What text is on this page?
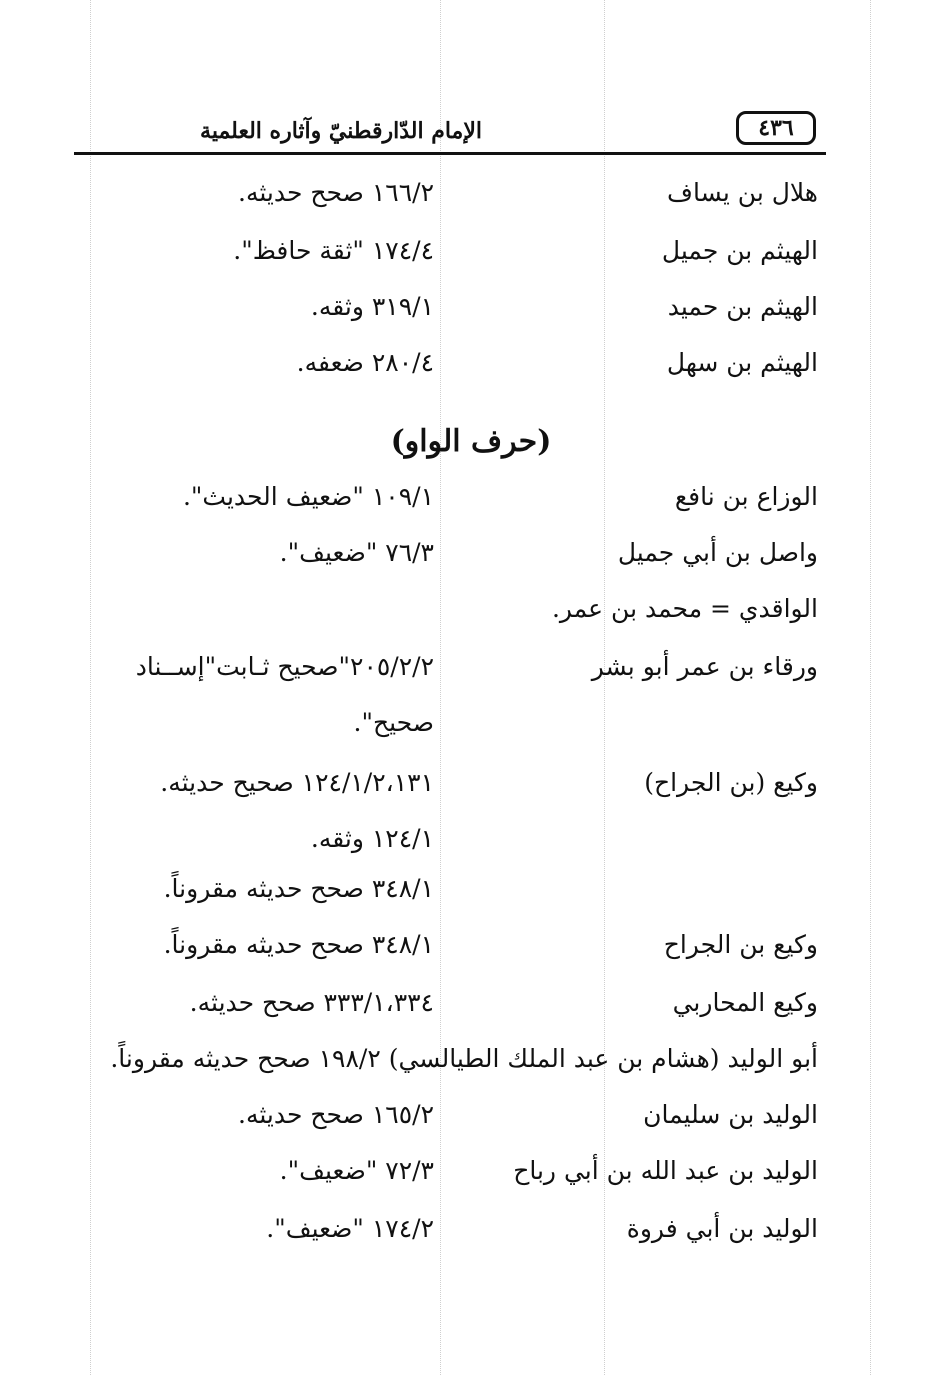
٤٣٦
الإمام الدّارقطنيّ وآثاره العلمية
هلال بن يساف
١٦٦/٢ صحح حديثه.
الهيثم بن جميل
١٧٤/٤ "ثقة حافظ".
الهيثم بن حميد
٣١٩/١ وثقه.
الهيثم بن سهل
٢٨٠/٤ ضعفه.
(حرف الواو)
الوزاع بن نافع
١٠٩/١ "ضعيف الحديث".
واصل بن أبي جميل
٧٦/٣ "ضعيف".
الواقدي = محمد بن عمر.
ورقاء بن عمر أبو بشر
٢٠٥/٢/٢"صحيح ثـابت"إســناد
صحيح".
وكيع (بن الجراح)
١٢٤/١/٢،١٣١ صحيح حديثه.
١٢٤/١ وثقه.
٣٤٨/١ صحح حديثه مقروناً.
وكيع بن الجراح
٣٤٨/١ صحح حديثه مقروناً.
وكيع المحاربي
٣٣٣/١،٣٣٤ صحح حديثه.
أبو الوليد (هشام بن عبد الملك الطيالسي) ١٩٨/٢ صحح حديثه مقروناً.
الوليد بن سليمان
١٦٥/٢ صحح حديثه.
الوليد بن عبد الله بن أبي رباح
٧٢/٣ "ضعيف".
الوليد بن أبي فروة
١٧٤/٢ "ضعيف".
